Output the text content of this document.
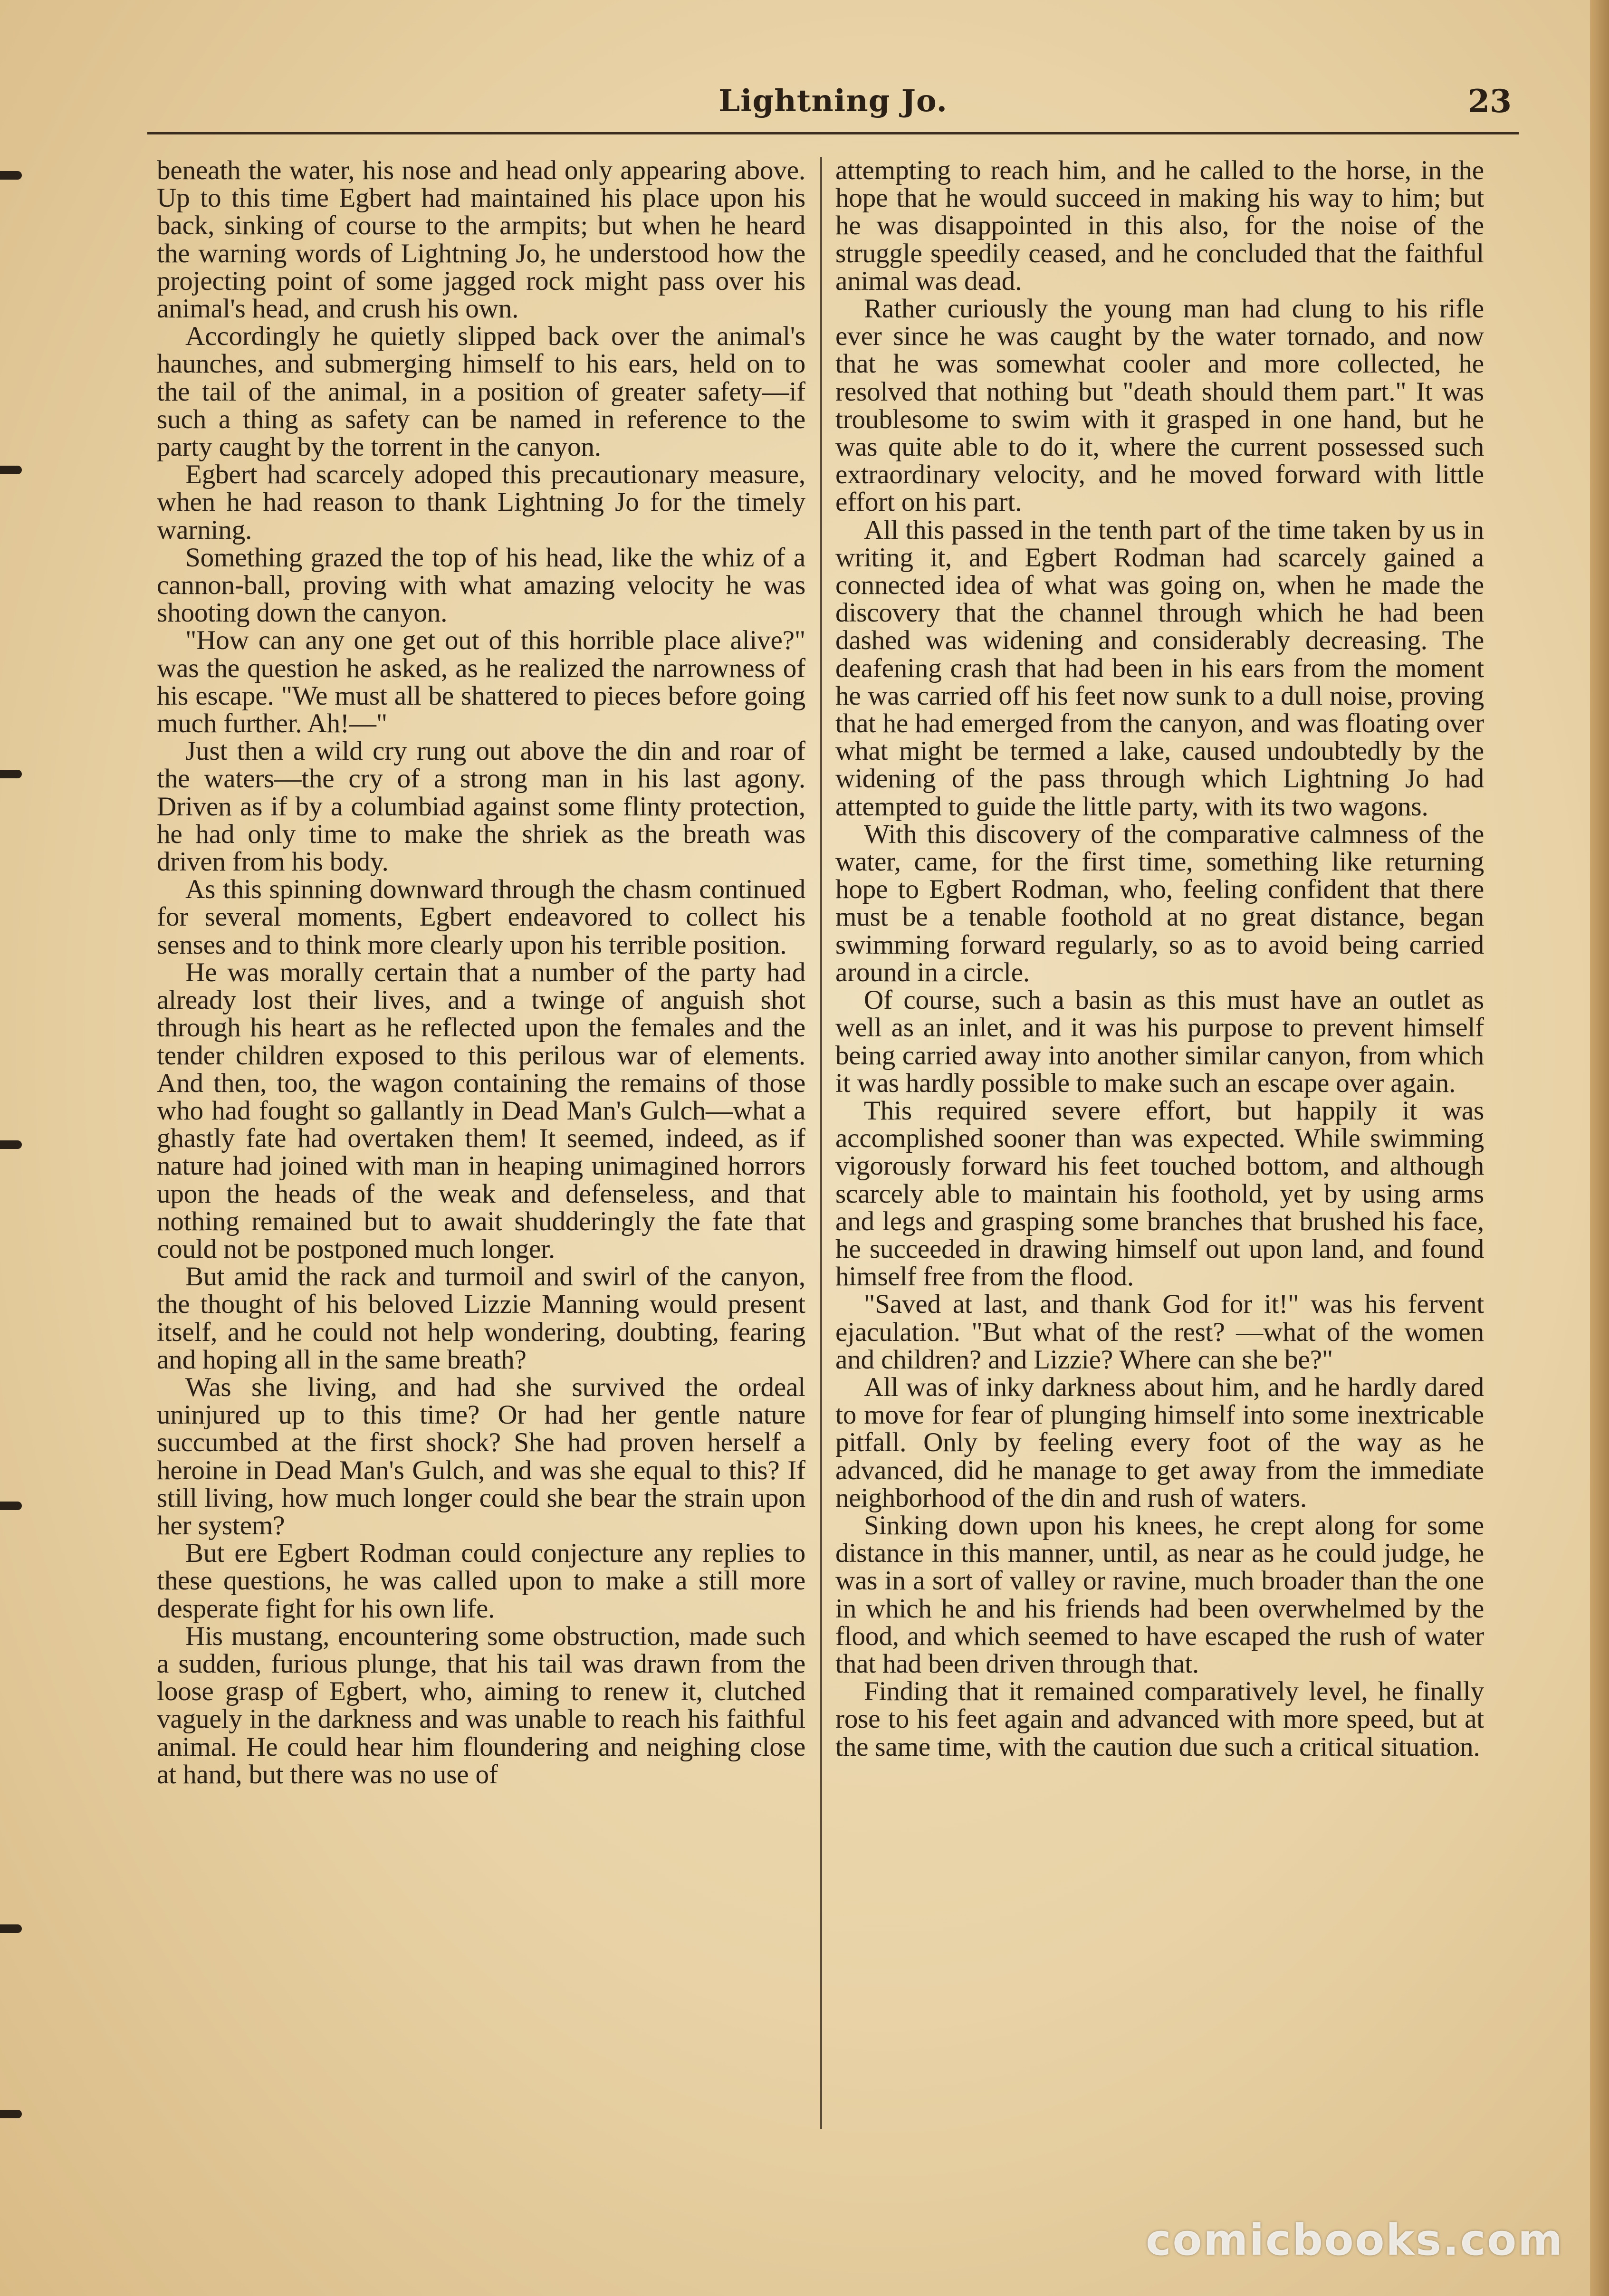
Lightning Jo.	23

beneath the water, his nose and head only appearing above. Up to this time Egbert had maintained his place upon his back, sinking of course to the armpits; but when he heard the warning words of Lightning Jo, he understood how the projecting point of some jagged rock might pass over his animal's head, and crush his own.

Accordingly he quietly slipped back over the animal's haunches, and submerging himself to his ears, held on to the tail of the animal, in a position of greater safety—if such a thing as safety can be named in reference to the party caught by the torrent in the canyon.

Egbert had scarcely adoped this precautionary measure, when he had reason to thank Lightning Jo for the timely warning.

Something grazed the top of his head, like the whiz of a cannon-ball, proving with what amazing velocity he was shooting down the canyon.

"How can any one get out of this horrible place alive?" was the question he asked, as he realized the narrowness of his escape. "We must all be shattered to pieces before going much further. Ah!—"

Just then a wild cry rung out above the din and roar of the waters—the cry of a strong man in his last agony. Driven as if by a columbiad against some flinty protection, he had only time to make the shriek as the breath was driven from his body.

As this spinning downward through the chasm continued for several moments, Egbert endeavored to collect his senses and to think more clearly upon his terrible position.

He was morally certain that a number of the party had already lost their lives, and a twinge of anguish shot through his heart as he reflected upon the females and the tender children exposed to this perilous war of elements. And then, too, the wagon containing the remains of those who had fought so gallantly in Dead Man's Gulch—what a ghastly fate had overtaken them! It seemed, indeed, as if nature had joined with man in heaping unimagined horrors upon the heads of the weak and defenseless, and that nothing remained but to await shudderingly the fate that could not be postponed much longer.

But amid the rack and turmoil and swirl of the canyon, the thought of his beloved Lizzie Manning would present itself, and he could not help wondering, doubting, fearing and hoping all in the same breath?

Was she living, and had she survived the ordeal uninjured up to this time? Or had her gentle nature succumbed at the first shock? She had proven herself a heroine in Dead Man's Gulch, and was she equal to this? If still living, how much longer could she bear the strain upon her system?

But ere Egbert Rodman could conjecture any replies to these questions, he was called upon to make a still more desperate fight for his own life.

His mustang, encountering some obstruction, made such a sudden, furious plunge, that his tail was drawn from the loose grasp of Egbert, who, aiming to renew it, clutched vaguely in the darkness and was unable to reach his faithful animal. He could hear him floundering and neighing close at hand, but there was no use of

attempting to reach him, and he called to the horse, in the hope that he would succeed in making his way to him; but he was disappointed in this also, for the noise of the struggle speedily ceased, and he concluded that the faithful animal was dead.

Rather curiously the young man had clung to his rifle ever since he was caught by the water tornado, and now that he was somewhat cooler and more collected, he resolved that nothing but "death should them part." It was troublesome to swim with it grasped in one hand, but he was quite able to do it, where the current possessed such extraordinary velocity, and he moved forward with little effort on his part.

All this passed in the tenth part of the time taken by us in writing it, and Egbert Rodman had scarcely gained a connected idea of what was going on, when he made the discovery that the channel through which he had been dashed was widening and considerably decreasing. The deafening crash that had been in his ears from the moment he was carried off his feet now sunk to a dull noise, proving that he had emerged from the canyon, and was floating over what might be termed a lake, caused undoubtedly by the widening of the pass through which Lightning Jo had attempted to guide the little party, with its two wagons.

With this discovery of the comparative calmness of the water, came, for the first time, something like returning hope to Egbert Rodman, who, feeling confident that there must be a tenable foothold at no great distance, began swimming forward regularly, so as to avoid being carried around in a circle.

Of course, such a basin as this must have an outlet as well as an inlet, and it was his purpose to prevent himself being carried away into another similar canyon, from which it was hardly possible to make such an escape over again.

This required severe effort, but happily it was accomplished sooner than was expected. While swimming vigorously forward his feet touched bottom, and although scarcely able to maintain his foothold, yet by using arms and legs and grasping some branches that brushed his face, he succeeded in drawing himself out upon land, and found himself free from the flood.

"Saved at last, and thank God for it!" was his fervent ejaculation. "But what of the rest? —what of the women and children? and Lizzie? Where can she be?"

All was of inky darkness about him, and he hardly dared to move for fear of plunging himself into some inextricable pitfall. Only by feeling every foot of the way as he advanced, did he manage to get away from the immediate neighborhood of the din and rush of waters.

Sinking down upon his knees, he crept along for some distance in this manner, until, as near as he could judge, he was in a sort of valley or ravine, much broader than the one in which he and his friends had been overwhelmed by the flood, and which seemed to have escaped the rush of water that had been driven through that.

Finding that it remained comparatively level, he finally rose to his feet again and advanced with more speed, but at the same time, with the caution due such a critical situation.

comicbooks.com
